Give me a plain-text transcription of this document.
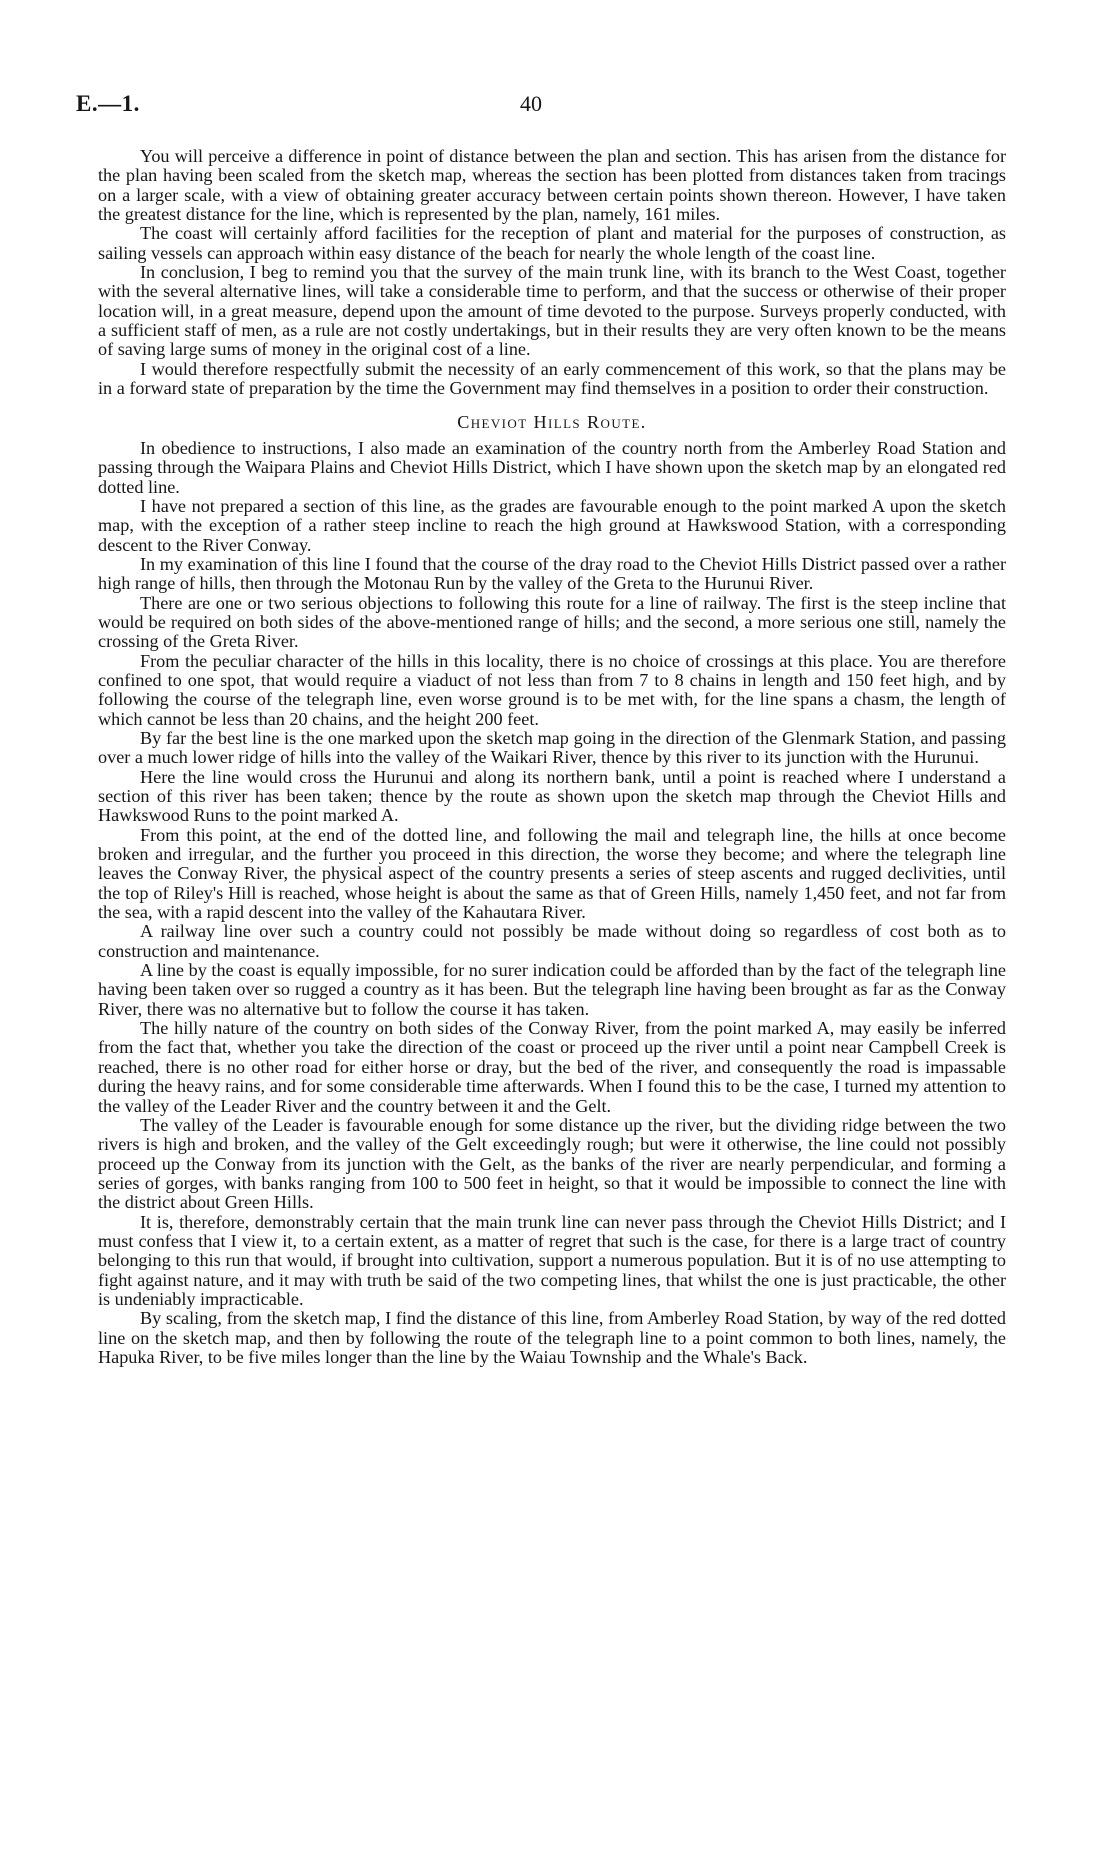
E.—1.	40

You will perceive a difference in point of distance between the plan and section. This has arisen from the distance for the plan having been scaled from the sketch map, whereas the section has been plotted from distances taken from tracings on a larger scale, with a view of obtaining greater accuracy between certain points shown thereon. However, I have taken the greatest distance for the line, which is represented by the plan, namely, 161 miles.

The coast will certainly afford facilities for the reception of plant and material for the purposes of construction, as sailing vessels can approach within easy distance of the beach for nearly the whole length of the coast line.

In conclusion, I beg to remind you that the survey of the main trunk line, with its branch to the West Coast, together with the several alternative lines, will take a considerable time to perform, and that the success or otherwise of their proper location will, in a great measure, depend upon the amount of time devoted to the purpose. Surveys properly conducted, with a sufficient staff of men, as a rule are not costly undertakings, but in their results they are very often known to be the means of saving large sums of money in the original cost of a line.

I would therefore respectfully submit the necessity of an early commencement of this work, so that the plans may be in a forward state of preparation by the time the Government may find themselves in a position to order their construction.

Cheviot Hills Route.

In obedience to instructions, I also made an examination of the country north from the Amberley Road Station and passing through the Waipara Plains and Cheviot Hills District, which I have shown upon the sketch map by an elongated red dotted line.

I have not prepared a section of this line, as the grades are favourable enough to the point marked A upon the sketch map, with the exception of a rather steep incline to reach the high ground at Hawkswood Station, with a corresponding descent to the River Conway.

In my examination of this line I found that the course of the dray road to the Cheviot Hills District passed over a rather high range of hills, then through the Motonau Run by the valley of the Greta to the Hurunui River.

There are one or two serious objections to following this route for a line of railway. The first is the steep incline that would be required on both sides of the above-mentioned range of hills; and the second, a more serious one still, namely the crossing of the Greta River.

From the peculiar character of the hills in this locality, there is no choice of crossings at this place. You are therefore confined to one spot, that would require a viaduct of not less than from 7 to 8 chains in length and 150 feet high, and by following the course of the telegraph line, even worse ground is to be met with, for the line spans a chasm, the length of which cannot be less than 20 chains, and the height 200 feet.

By far the best line is the one marked upon the sketch map going in the direction of the Glenmark Station, and passing over a much lower ridge of hills into the valley of the Waikari River, thence by this river to its junction with the Hurunui.

Here the line would cross the Hurunui and along its northern bank, until a point is reached where I understand a section of this river has been taken; thence by the route as shown upon the sketch map through the Cheviot Hills and Hawkswood Runs to the point marked A.

From this point, at the end of the dotted line, and following the mail and telegraph line, the hills at once become broken and irregular, and the further you proceed in this direction, the worse they become; and where the telegraph line leaves the Conway River, the physical aspect of the country presents a series of steep ascents and rugged declivities, until the top of Riley's Hill is reached, whose height is about the same as that of Green Hills, namely 1,450 feet, and not far from the sea, with a rapid descent into the valley of the Kahautara River.

A railway line over such a country could not possibly be made without doing so regardless of cost both as to construction and maintenance.

A line by the coast is equally impossible, for no surer indication could be afforded than by the fact of the telegraph line having been taken over so rugged a country as it has been. But the telegraph line having been brought as far as the Conway River, there was no alternative but to follow the course it has taken.

The hilly nature of the country on both sides of the Conway River, from the point marked A, may easily be inferred from the fact that, whether you take the direction of the coast or proceed up the river until a point near Campbell Creek is reached, there is no other road for either horse or dray, but the bed of the river, and consequently the road is impassable during the heavy rains, and for some considerable time afterwards. When I found this to be the case, I turned my attention to the valley of the Leader River and the country between it and the Gelt.

The valley of the Leader is favourable enough for some distance up the river, but the dividing ridge between the two rivers is high and broken, and the valley of the Gelt exceedingly rough; but were it otherwise, the line could not possibly proceed up the Conway from its junction with the Gelt, as the banks of the river are nearly perpendicular, and forming a series of gorges, with banks ranging from 100 to 500 feet in height, so that it would be impossible to connect the line with the district about Green Hills.

It is, therefore, demonstrably certain that the main trunk line can never pass through the Cheviot Hills District; and I must confess that I view it, to a certain extent, as a matter of regret that such is the case, for there is a large tract of country belonging to this run that would, if brought into cultivation, support a numerous population. But it is of no use attempting to fight against nature, and it may with truth be said of the two competing lines, that whilst the one is just practicable, the other is undeniably impracticable.

By scaling, from the sketch map, I find the distance of this line, from Amberley Road Station, by way of the red dotted line on the sketch map, and then by following the route of the telegraph line to a point common to both lines, namely, the Hapuka River, to be five miles longer than the line by the Waiau Township and the Whale's Back.
